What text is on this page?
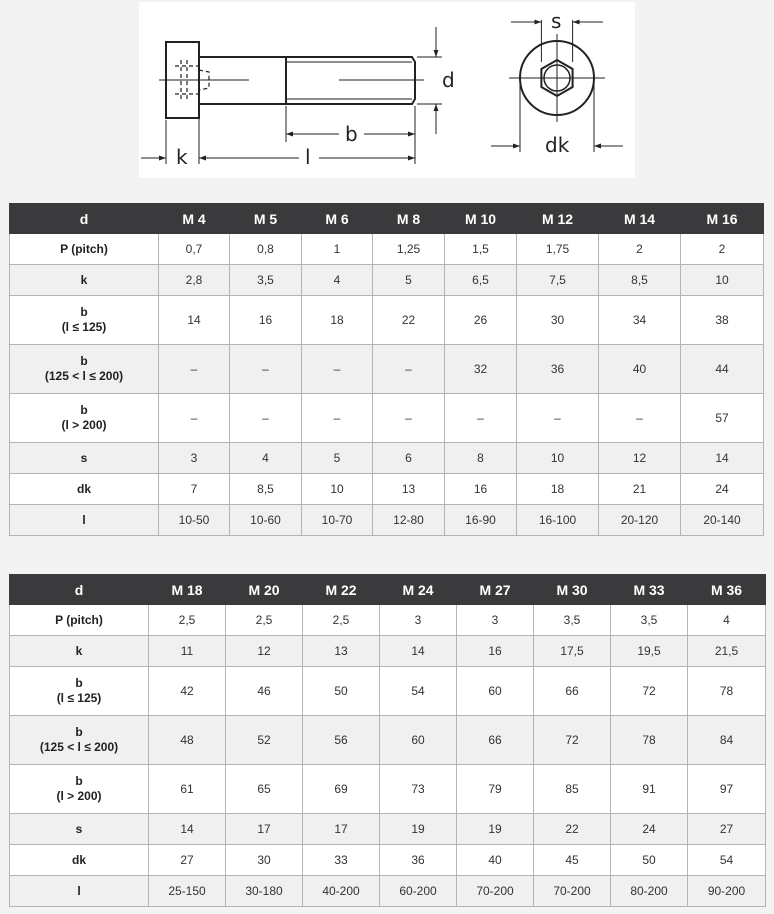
d
b
k	l
s
dk
d	M 4	M 5	M 6	M 8	M 10	M 12	M 14	M 16

P (pitch)	0,7	0,8	1	1,25	1,5	1,75	2	2

k	2,8	3,5	4	5	6,5	7,5	8,5	10

b
(l ≤ 125)	14	16	18	22	26	30	34	38

b
(125 < l ≤ 200)	–	–	–	–	32	36	40	44

b
(l > 200)	–	–	–	–	–	–	–	57

s	3	4	5	6	8	10	12	14

dk	7	8,5	10	13	16	18	21	24

l	10-50	10-60	10-70	12-80	16-90	16-100	20-120	20-140
d	M 18	M 20	M 22	M 24	M 27	M 30	M 33	M 36

P (pitch)	2,5	2,5	2,5	3	3	3,5	3,5	4

k	11	12	13	14	16	17,5	19,5	21,5

b
(l ≤ 125)	42	46	50	54	60	66	72	78

b
(125 < l ≤ 200)	48	52	56	60	66	72	78	84

b
(l > 200)	61	65	69	73	79	85	91	97

s	14	17	17	19	19	22	24	27

dk	27	30	33	36	40	45	50	54

l	25-150	30-180	40-200	60-200	70-200	70-200	80-200	90-200
